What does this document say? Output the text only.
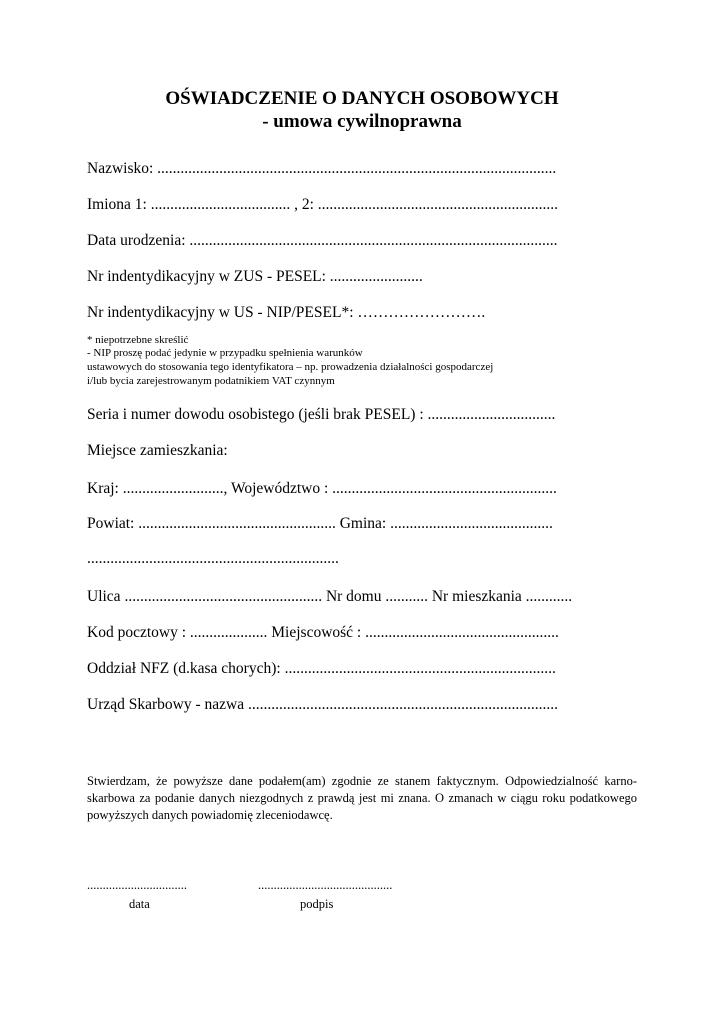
OŚWIADCZENIE O DANYCH OSOBOWYCH
- umowa cywilnoprawna
Nazwisko: .......................................................................................................
Imiona 1: .................................... , 2: ..............................................................
Data urodzenia: ...............................................................................................
Nr indentydikacyjny w ZUS - PESEL: ........................
Nr indentydikacyjny w US - NIP/PESEL*: …………………….
* niepotrzebne skreślić
- NIP proszę podać jedynie w przypadku spełnienia warunków
ustawowych do stosowania tego identyfikatora – np. prowadzenia działalności gospodarczej
i/lub bycia zarejestrowanym podatnikiem VAT czynnym
Seria i numer dowodu osobistego (jeśli brak PESEL) : .................................
Miejsce zamieszkania:
Kraj: .........................., Województwo : ..........................................................
Powiat: ................................................... Gmina: ..........................................
.................................................................
Ulica ................................................... Nr domu ........... Nr mieszkania ............
Kod pocztowy : .................... Miejscowość : ..................................................
Oddział NFZ (d.kasa chorych): ......................................................................
Urząd Skarbowy - nazwa ................................................................................
Stwierdzam, że powyższe dane podałem(am) zgodnie ze stanem faktycznym. Odpowiedzialność karno-skarbowa za podanie danych niezgodnych z prawdą jest mi znana. O zmanach w ciągu roku podatkowego powyższych danych powiadomię zleceniodawcę.
................................	...........................................
data	podpis
